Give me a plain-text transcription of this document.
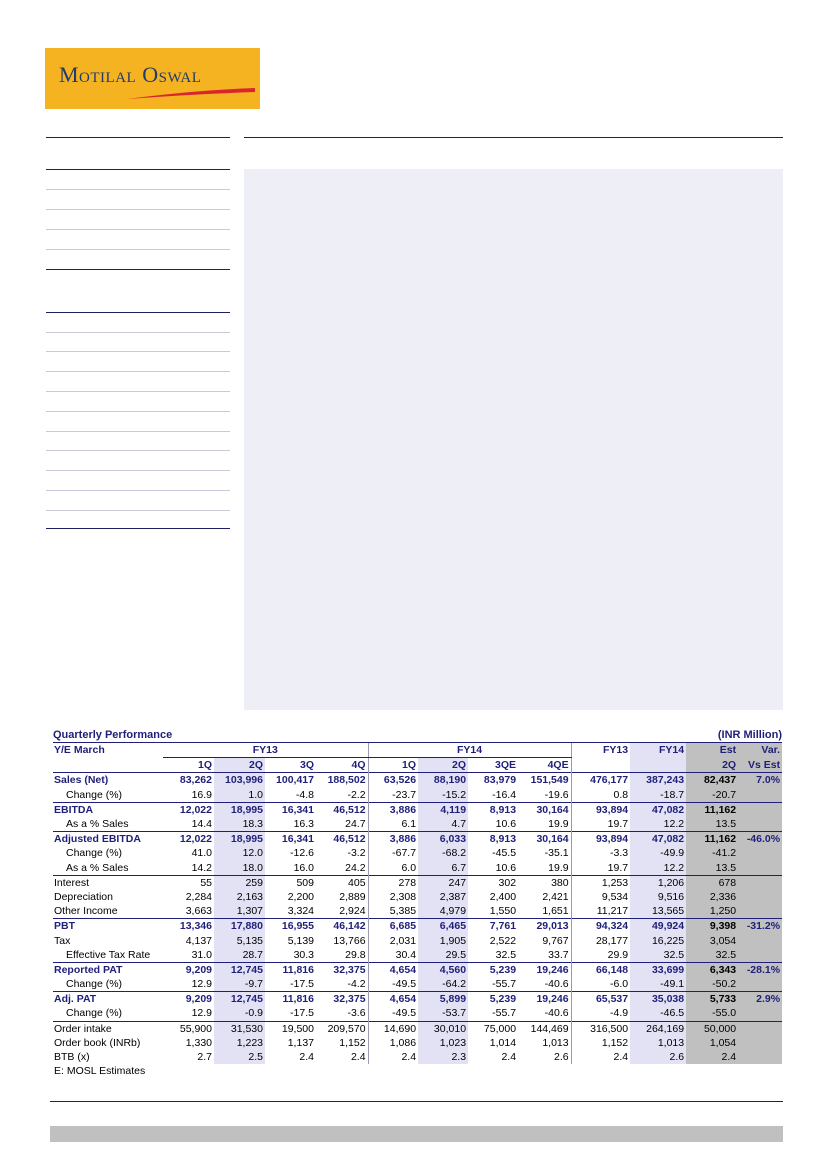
Motilal Oswal
Quarterly Performance	(INR Million)
Y/E March	FY13				FY14				FY13	FY14	Est	Var.
	1Q	2Q	3Q	4Q	1Q	2Q	3QE	4QE			2Q	Vs Est
Sales (Net)	83,262	103,996	100,417	188,502	63,526	88,190	83,979	151,549	476,177	387,243	82,437	7.0%
Change (%)	16.9	1.0	-4.8	-2.2	-23.7	-15.2	-16.4	-19.6	0.8	-18.7	-20.7	
EBITDA	12,022	18,995	16,341	46,512	3,886	4,119	8,913	30,164	93,894	47,082	11,162	
As a % Sales	14.4	18.3	16.3	24.7	6.1	4.7	10.6	19.9	19.7	12.2	13.5	
Adjusted EBITDA	12,022	18,995	16,341	46,512	3,886	6,033	8,913	30,164	93,894	47,082	11,162	-46.0%
Change (%)	41.0	12.0	-12.6	-3.2	-67.7	-68.2	-45.5	-35.1	-3.3	-49.9	-41.2	
As a % Sales	14.2	18.0	16.0	24.2	6.0	6.7	10.6	19.9	19.7	12.2	13.5	
Interest	55	259	509	405	278	247	302	380	1,253	1,206	678	
Depreciation	2,284	2,163	2,200	2,889	2,308	2,387	2,400	2,421	9,534	9,516	2,336	
Other Income	3,663	1,307	3,324	2,924	5,385	4,979	1,550	1,651	11,217	13,565	1,250	
PBT	13,346	17,880	16,955	46,142	6,685	6,465	7,761	29,013	94,324	49,924	9,398	-31.2%
Tax	4,137	5,135	5,139	13,766	2,031	1,905	2,522	9,767	28,177	16,225	3,054	
Effective Tax Rate	31.0	28.7	30.3	29.8	30.4	29.5	32.5	33.7	29.9	32.5	32.5	
Reported PAT	9,209	12,745	11,816	32,375	4,654	4,560	5,239	19,246	66,148	33,699	6,343	-28.1%
Change (%)	12.9	-9.7	-17.5	-4.2	-49.5	-64.2	-55.7	-40.6	-6.0	-49.1	-50.2	
Adj. PAT	9,209	12,745	11,816	32,375	4,654	5,899	5,239	19,246	65,537	35,038	5,733	2.9%
Change (%)	12.9	-0.9	-17.5	-3.6	-49.5	-53.7	-55.7	-40.6	-4.9	-46.5	-55.0	
Order intake	55,900	31,530	19,500	209,570	14,690	30,010	75,000	144,469	316,500	264,169	50,000	
Order book (INRb)	1,330	1,223	1,137	1,152	1,086	1,023	1,014	1,013	1,152	1,013	1,054	
BTB (x)	2.7	2.5	2.4	2.4	2.4	2.3	2.4	2.6	2.4	2.6	2.4	
E: MOSL Estimates
